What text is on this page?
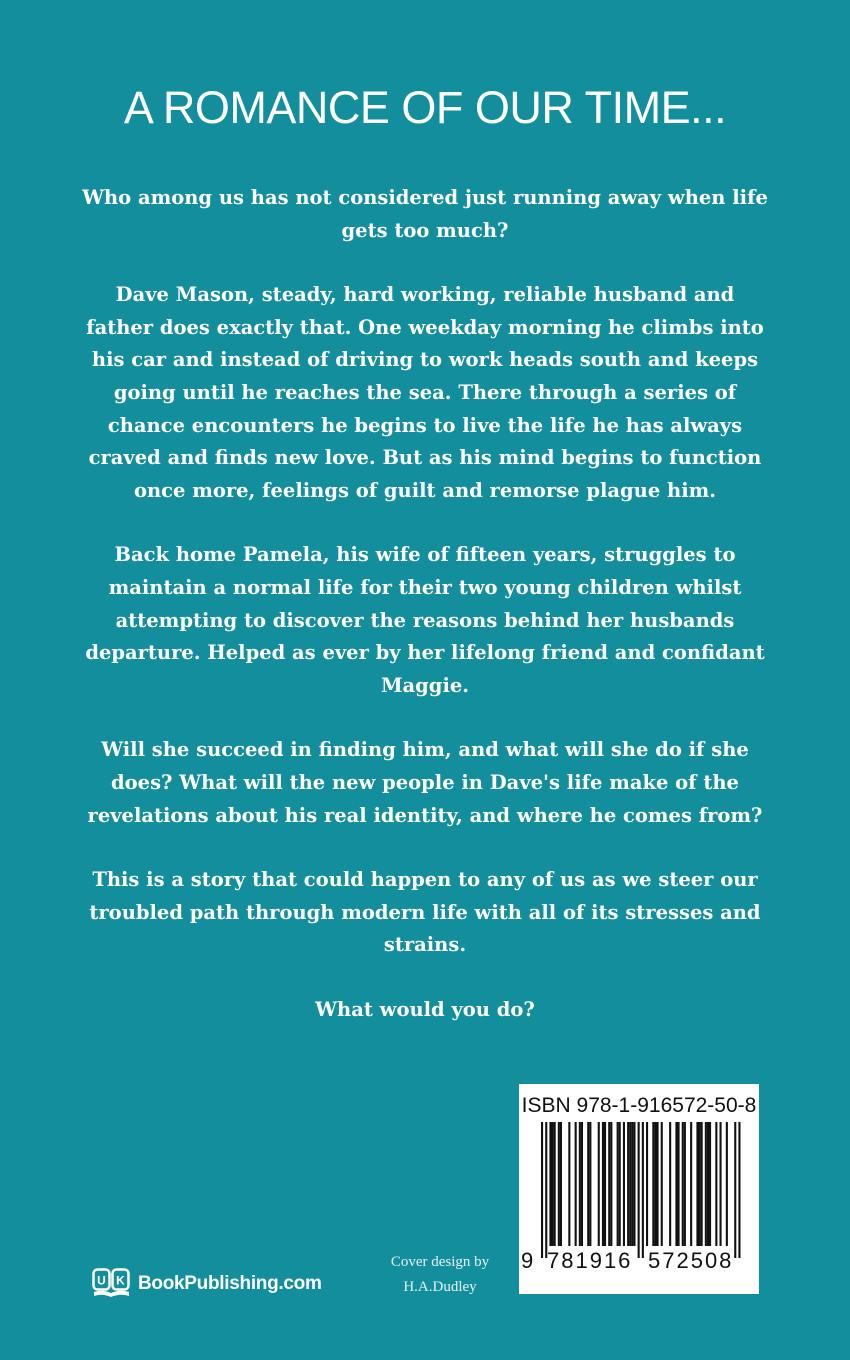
A ROMANCE OF OUR TIME...

Who among us has not considered just running away when life gets too much?

Dave Mason, steady, hard working, reliable husband and father does exactly that. One weekday morning he climbs into his car and instead of driving to work heads south and keeps going until he reaches the sea. There through a series of chance encounters he begins to live the life he has always craved and finds new love. But as his mind begins to function once more, feelings of guilt and remorse plague him.

Back home Pamela, his wife of fifteen years, struggles to maintain a normal life for their two young children whilst attempting to discover the reasons behind her husbands departure. Helped as ever by her lifelong friend and confidant Maggie.

Will she succeed in finding him, and what will she do if she does? What will the new people in Dave's life make of the revelations about his real identity, and where he comes from?

This is a story that could happen to any of us as we steer our troubled path through modern life with all of its stresses and strains.

What would you do?

ISBN 978-1-916572-50-8
9 781916 572508
Cover design by
H.A.Dudley
U K BookPublishing.com
